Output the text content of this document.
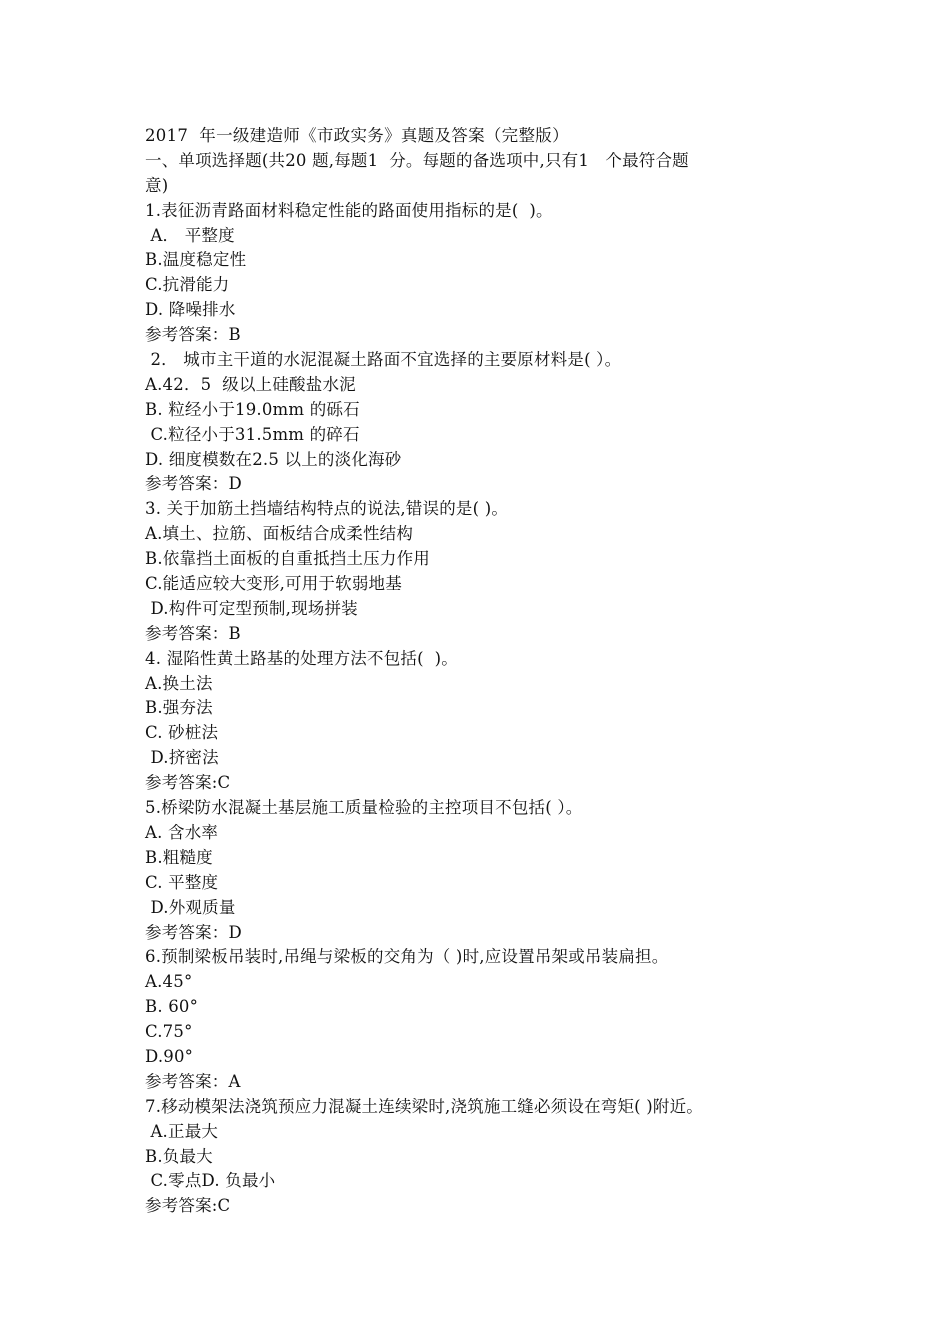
2017  年一级建造师《市政实务》真题及答案（完整版）
一、单项选择题(共20 题,每题1  分。每题的备选项中,只有1   个最符合题
意)
1.表征沥青路面材料稳定性能的路面使用指标的是(  )。
A． 平整度
B.温度稳定性
C.抗滑能力
D. 降噪排水
参考答案：B
2． 城市主干道的水泥混凝土路面不宜选择的主要原材料是( ）。
A.42．5  级以上硅酸盐水泥
B. 粒经小于19.0mm 的砾石
C.粒径小于31.5mm 的碎石
D. 细度模数在2.5 以上的淡化海砂
参考答案：D
3. 关于加筋土挡墙结构特点的说法,错误的是( )。
A.填土、拉筋、面板结合成柔性结构
B.依靠挡土面板的自重抵挡土压力作用
C.能适应较大变形,可用于软弱地基
D.构件可定型预制,现场拼装
参考答案：B
4. 湿陷性黄土路基的处理方法不包括(  )。
A.换土法
B.强夯法
C. 砂桩法
D.挤密法
参考答案:C
5.桥梁防水混凝土基层施工质量检验的主控项目不包括( ）。
A. 含水率
B.粗糙度
C. 平整度
D.外观质量
参考答案：D
6.预制梁板吊装时,吊绳与梁板的交角为（ )时,应设置吊架或吊装扁担。
A.45°
B. 60°
C.75°
D.90°
参考答案：A
7.移动模架法浇筑预应力混凝土连续梁时,浇筑施工缝必须设在弯矩( )附近。
A.正最大
B.负最大
C.零点D. 负最小
参考答案:C
